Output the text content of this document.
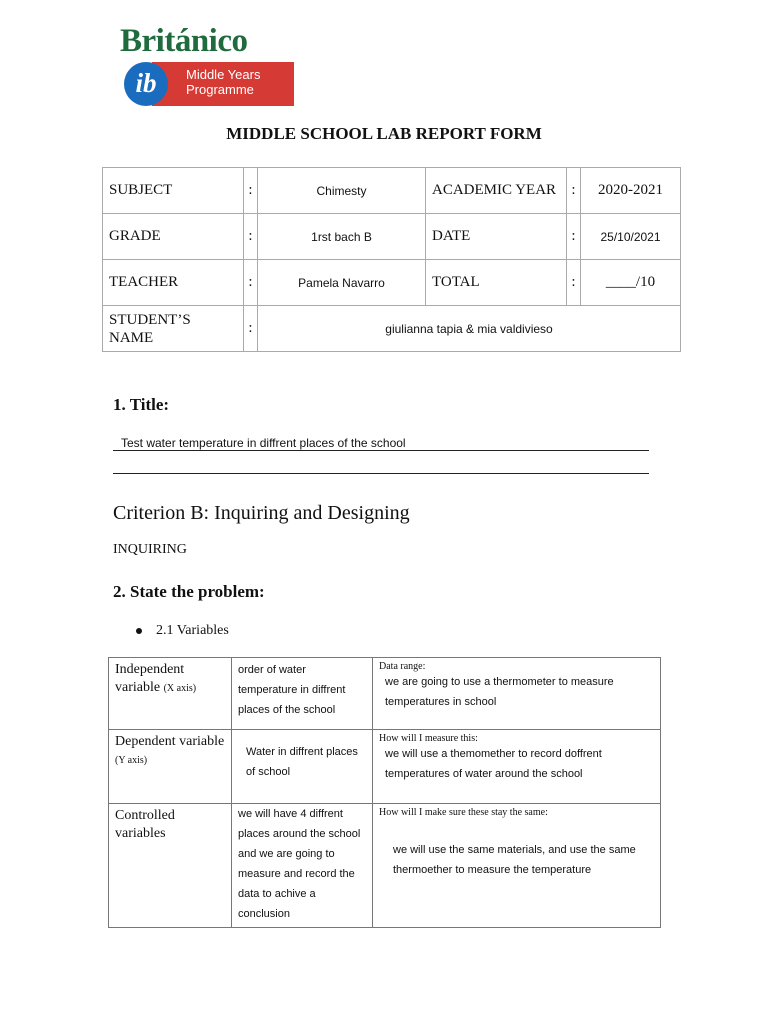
Británico
Middle Years
Programme
ib
MIDDLE SCHOOL LAB REPORT FORM
SUBJECT	:	Chimesty	ACADEMIC YEAR	:	2020-2021
GRADE	:	1rst bach B	DATE	:	25/10/2021
TEACHER	:	Pamela Navarro	TOTAL	:	____/10
STUDENT’S NAME	:	giulianna tapia & mia valdivieso			
1. Title:
Test water temperature in diffrent places of the school
Criterion B: Inquiring and Designing
INQUIRING
2. State the problem:
2.1 Variables
Independent variable (X axis)	order of water temperature in diffrent places of the school	Data range:
we are going to use a thermometer to measure temperatures in school

Dependent variable (Y axis)	Water in diffrent places of school	How will I measure this:
we will use a themomether to record doffrent temperatures of water around the school

Controlled variables	we will have 4 diffrent places around the school and we are going to measure and record the data to achive a conclusion	How will I make sure these stay the same:
we will use the same materials, and use the same thermoether to measure the temperature
